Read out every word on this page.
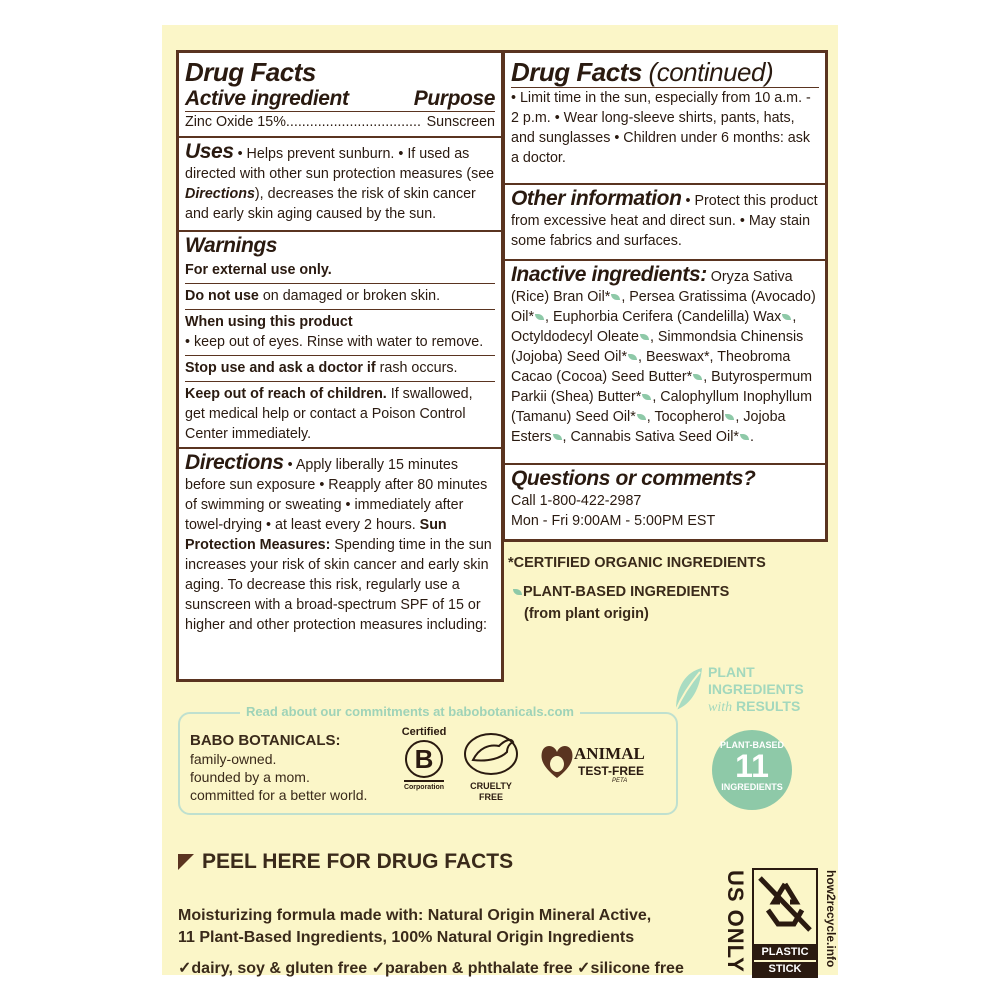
Drug Facts
Active ingredient	Purpose
Zinc Oxide 15%.................................. Sunscreen
Uses • Helps prevent sunburn. • If used as directed with other sun protection measures (see Directions), decreases the risk of skin cancer and early skin aging caused by the sun.
Warnings
For external use only.
Do not use on damaged or broken skin.
When using this product
• keep out of eyes. Rinse with water to remove.
Stop use and ask a doctor if rash occurs.
Keep out of reach of children. If swallowed, get medical help or contact a Poison Control Center immediately.
Directions • Apply liberally 15 minutes before sun exposure • Reapply after 80 minutes of swimming or sweating • immediately after towel-drying • at least every 2 hours. Sun Protection Measures: Spending time in the sun increases your risk of skin cancer and early skin aging. To decrease this risk, regularly use a sunscreen with a broad-spectrum SPF of 15 or higher and other protection measures including:
Drug Facts (continued)
• Limit time in the sun, especially from 10 a.m. - 2 p.m. • Wear long-sleeve shirts, pants, hats, and sunglasses • Children under 6 months: ask a doctor.
Other information • Protect this product from excessive heat and direct sun. • May stain some fabrics and surfaces.
Inactive ingredients: Oryza Sativa (Rice) Bran Oil* , Persea Gratissima (Avocado) Oil* , Euphorbia Cerifera (Candelilla) Wax , Octyldodecyl Oleate , Simmondsia Chinensis (Jojoba) Seed Oil* , Beeswax*, Theobroma Cacao (Cocoa) Seed Butter* , Butyrospermum Parkii (Shea) Butter* , Calophyllum Inophyllum (Tamanu) Seed Oil* , Tocopherol , Jojoba Esters , Cannabis Sativa Seed Oil* .
Questions or comments?
Call 1-800-422-2987
Mon - Fri 9:00AM - 5:00PM EST
*CERTIFIED ORGANIC INGREDIENTS
PLANT-BASED INGREDIENTS
(from plant origin)
PLANT
INGREDIENTS
with RESULTS
PLANT-BASED
11
INGREDIENTS
Read about our commitments at babobotanicals.com
BABO BOTANICALS:
family-owned.
founded by a mom.
committed for a better world.
Certified
B
Corporation	CRUELTY
FREE
ANIMAL
TEST-FREE
PETA
PEEL HERE FOR DRUG FACTS
Moisturizing formula made with: Natural Origin Mineral Active,
11 Plant-Based Ingredients, 100% Natural Origin Ingredients
✓dairy, soy & gluten free ✓paraben & phthalate free ✓silicone free US ONLY	PLASTIC
STICK
how2recycle.info
